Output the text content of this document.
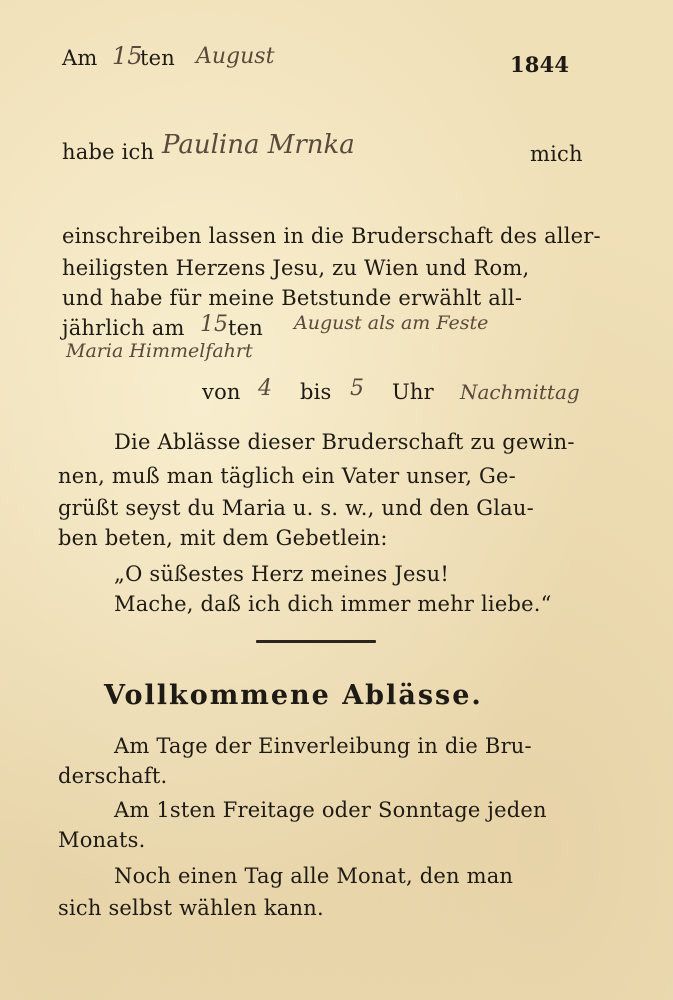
Am 15
ten August	1844
habe ich Paulina Mrnka	mich
einschreiben lassen in die Bruderschaft des aller-
heiligsten Herzens Jesu, zu Wien und Rom,
und habe für meine Betstunde erwählt all-
jährlich am 15 ten August als am Feste
Maria Himmelfahrt
von 4 bis 5 Uhr Nachmittag
Die Ablässe dieser Bruderschaft zu gewin-
nen, muß man täglich ein Vater unser, Ge-
grüßt seyst du Maria u. s. w., und den Glau-
ben beten, mit dem Gebetlein:
„O süßestes Herz meines Jesu!
Mache, daß ich dich immer mehr liebe.“
Vollkommene Ablässe.
Am Tage der Einverleibung in die Bru-
derschaft.
Am 1sten Freitage oder Sonntage jeden
Monats.
Noch einen Tag alle Monat, den man
sich selbst wählen kann.
